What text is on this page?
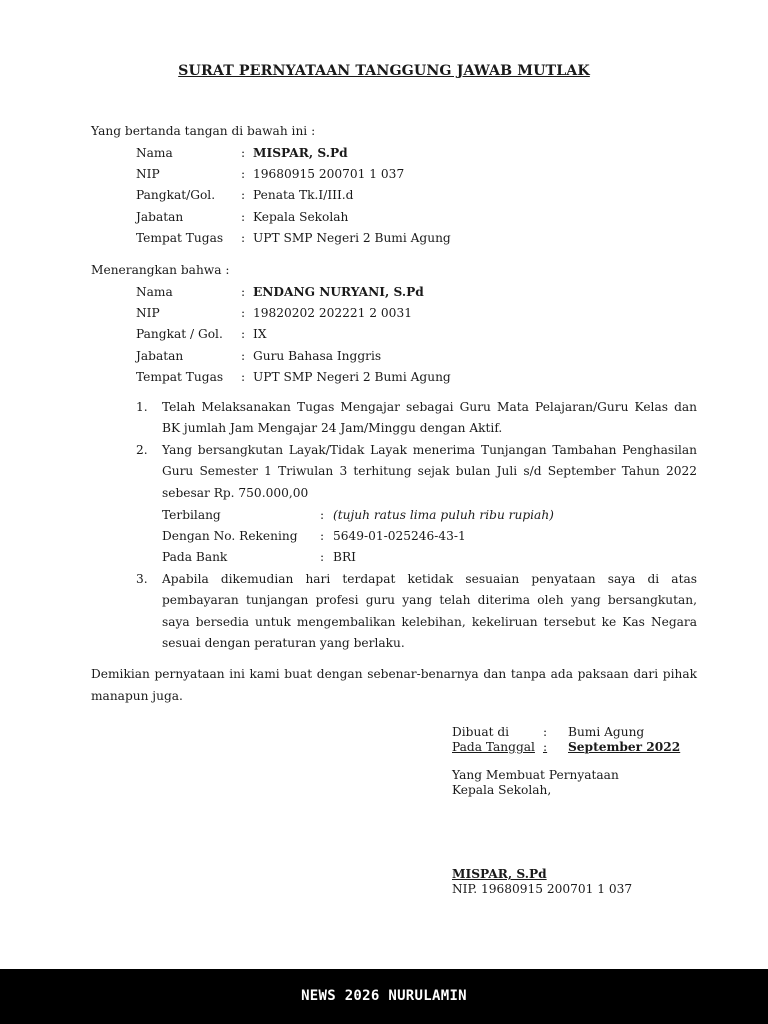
SURAT PERNYATAAN TANGGUNG JAWAB MUTLAK
Yang bertanda tangan di bawah ini :
Nama	: MISPAR, S.Pd
NIP	: 19680915 200701 1 037
Pangkat/Gol. : Penata Tk.I/III.d
Jabatan	: Kepala Sekolah
Tempat Tugas : UPT SMP Negeri 2 Bumi Agung
Menerangkan bahwa :
Nama	: ENDANG NURYANI, S.Pd
NIP	: 19820202 202221 2 0031
Pangkat / Gol. : IX
Jabatan	: Guru Bahasa Inggris
Tempat Tugas : UPT SMP Negeri 2 Bumi Agung
1. Telah Melaksanakan Tugas Mengajar sebagai Guru Mata Pelajaran/Guru Kelas dan BK jumlah Jam Mengajar 24 Jam/Minggu dengan Aktif.
2. Yang bersangkutan Layak/Tidak Layak menerima Tunjangan Tambahan Penghasilan Guru Semester 1 Triwulan 3 terhitung sejak bulan Juli s/d September Tahun 2022 sebesar Rp. 750.000,00
Terbilang	: (tujuh ratus lima puluh ribu rupiah)
Dengan No. Rekening : 5649-01-025246-43-1
Pada Bank	: BRI
3. Apabila dikemudian hari terdapat ketidak sesuaian penyataan saya di atas pembayaran tunjangan profesi guru yang telah diterima oleh yang bersangkutan, saya bersedia untuk mengembalikan kelebihan, kekeliruan tersebut ke Kas Negara sesuai dengan peraturan yang berlaku.
Demikian pernyataan ini kami buat dengan sebenar-benarnya dan tanpa ada paksaan dari pihak manapun juga.
Dibuat di	: Bumi Agung
Pada Tanggal : September 2022
Yang Membuat Pernyataan
Kepala Sekolah,
MISPAR, S.Pd
NIP. 19680915 200701 1 037
NEWS 2026 NURULAMIN
